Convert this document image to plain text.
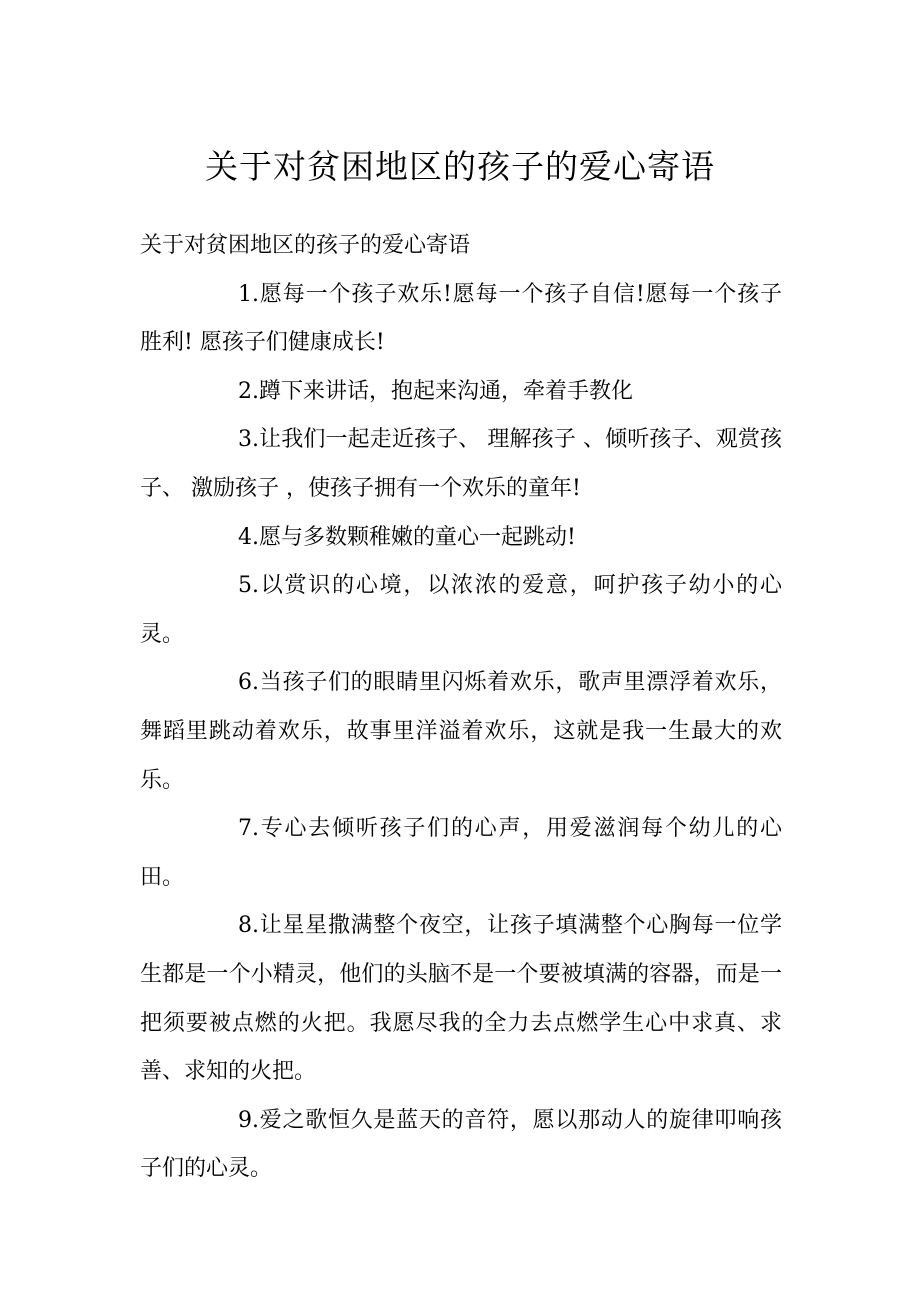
关于对贫困地区的孩子的爱心寄语

关于对贫困地区的孩子的爱心寄语

1.愿每一个孩子欢乐!愿每一个孩子自信!愿每一个孩子胜利! 愿孩子们健康成长!

2.蹲下来讲话，抱起来沟通，牵着手教化

3.让我们一起走近孩子、 理解孩子 、倾听孩子、观赏孩子、 激励孩子 ，使孩子拥有一个欢乐的童年!

4.愿与多数颗稚嫩的童心一起跳动!

5.以赏识的心境，以浓浓的爱意，呵护孩子幼小的心灵。

6.当孩子们的眼睛里闪烁着欢乐，歌声里漂浮着欢乐，舞蹈里跳动着欢乐，故事里洋溢着欢乐，这就是我一生最大的欢乐。

7.专心去倾听孩子们的心声，用爱滋润每个幼儿的心田。

8.让星星撒满整个夜空，让孩子填满整个心胸每一位学生都是一个小精灵，他们的头脑不是一个要被填满的容器，而是一把须要被点燃的火把。我愿尽我的全力去点燃学生心中求真、求善、求知的火把。

9.爱之歌恒久是蓝天的音符，愿以那动人的旋律叩响孩子们的心灵。
